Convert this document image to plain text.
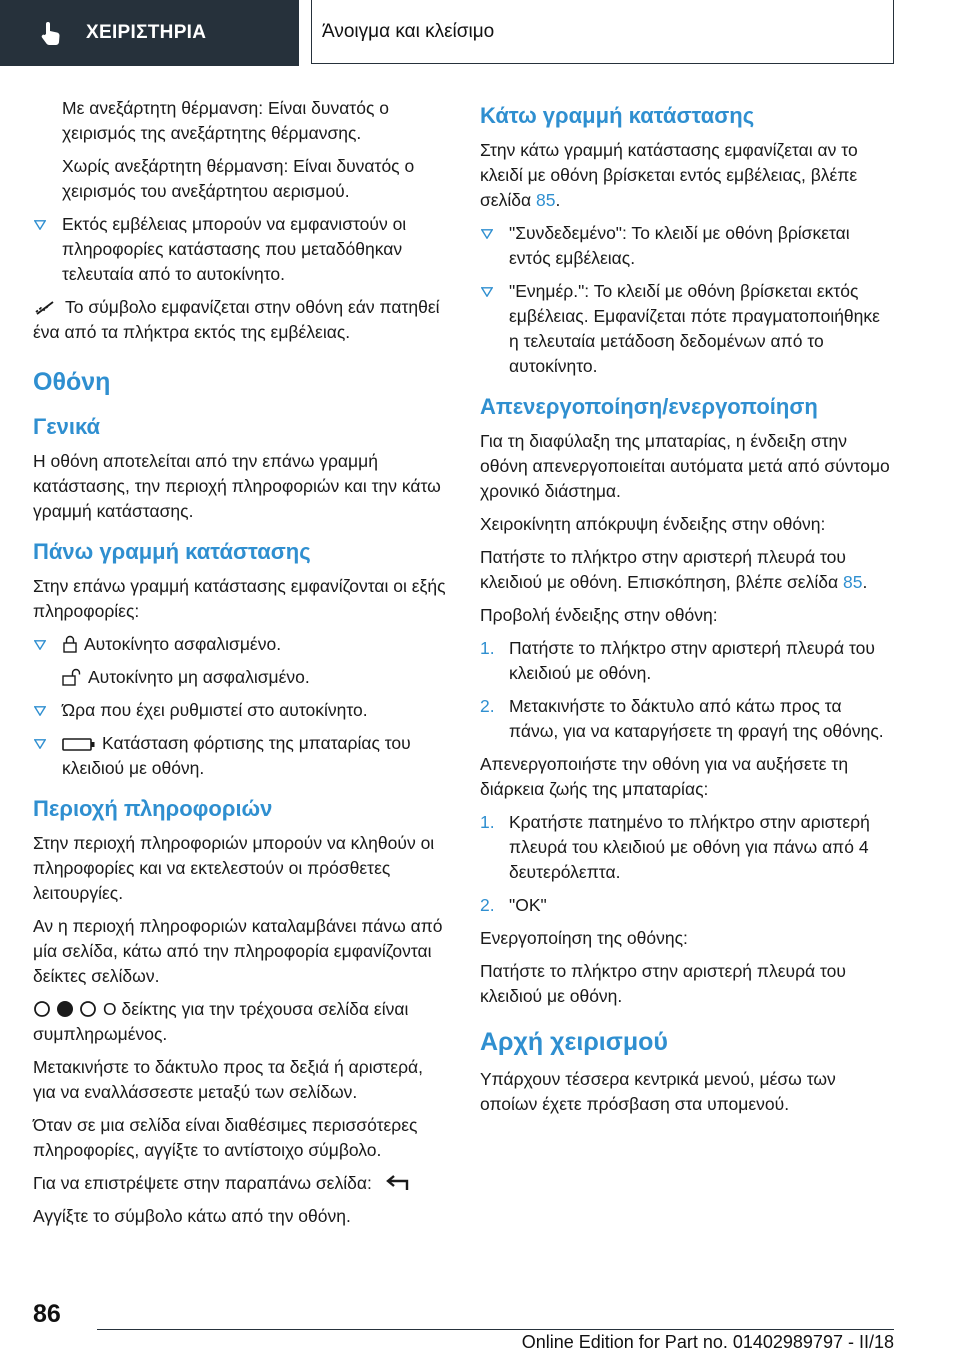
ΧΕΙΡΙΣΤΗΡΙΑ	Άνοιγμα και κλείσιμο

Με ανεξάρτητη θέρμανση: Είναι δυνατός ο χειρισμός της ανεξάρτητης θέρμανσης.

Χωρίς ανεξάρτητη θέρμανση: Είναι δυνατός ο χειρισμός του ανεξάρτητου αερισμού.

Εκτός εμβέλειας μπορούν να εμφανιστούν οι πληροφορίες κατάστασης που μεταδόθηκαν τελευταία από το αυτοκίνητο.

Το σύμβολο εμφανίζεται στην οθόνη εάν πατηθεί ένα από τα πλήκτρα εκτός της εμβέλειας.

Οθόνη
Γενικά

Η οθόνη αποτελείται από την επάνω γραμμή κατάστασης, την περιοχή πληροφοριών και την κάτω γραμμή κατάστασης.

Πάνω γραμμή κατάστασης

Στην επάνω γραμμή κατάστασης εμφανίζονται οι εξής πληροφορίες:

Αυτοκίνητο ασφαλισμένο.

Αυτοκίνητο μη ασφαλισμένο.

Ώρα που έχει ρυθμιστεί στο αυτοκίνητο.
Κατάσταση φόρτισης της μπαταρίας του κλειδιού με οθόνη.
Περιοχή πληροφοριών

Στην περιοχή πληροφοριών μπορούν να κληθούν οι πληροφορίες και να εκτελεστούν οι πρόσθετες λειτουργίες.

Αν η περιοχή πληροφοριών καταλαμβάνει πάνω από μία σελίδα, κάτω από την πληροφορία εμφανίζονται δείκτες σελίδων.

Ο δείκτης για την τρέχουσα σελίδα είναι συμπληρωμένος.

Μετακινήστε το δάκτυλο προς τα δεξιά ή αριστερά, για να εναλλάσσεστε μεταξύ των σελίδων.

Όταν σε μια σελίδα είναι διαθέσιμες περισσότερες πληροφορίες, αγγίξτε το αντίστοιχο σύμβολο.

Για να επιστρέψετε στην παραπάνω σελίδα:

Αγγίξτε το σύμβολο κάτω από την οθόνη.

Κάτω γραμμή κατάστασης

Στην κάτω γραμμή κατάστασης εμφανίζεται αν το κλειδί με οθόνη βρίσκεται εντός εμβέλειας, βλέπε σελίδα 85.

"Συνδεδεμένο": Το κλειδί με οθόνη βρίσκεται εντός εμβέλειας.
"Ενημέρ.": Το κλειδί με οθόνη βρίσκεται εκτός εμβέλειας. Εμφανίζεται πότε πραγματοποιήθηκε η τελευταία μετάδοση δεδομένων από το αυτοκίνητο.
Απενεργοποίηση/ενεργοποίηση

Για τη διαφύλαξη της μπαταρίας, η ένδειξη στην οθόνη απενεργοποιείται αυτόματα μετά από σύντομο χρονικό διάστημα.

Χειροκίνητη απόκρυψη ένδειξης στην οθόνη:

Πατήστε το πλήκτρο στην αριστερή πλευρά του κλειδιού με οθόνη. Επισκόπηση, βλέπε σελίδα 85.

Προβολή ένδειξης στην οθόνη:

1. Πατήστε το πλήκτρο στην αριστερή πλευρά του κλειδιού με οθόνη.
2. Μετακινήστε το δάκτυλο από κάτω προς τα πάνω, για να καταργήσετε τη φραγή της οθόνης.

Απενεργοποιήστε την οθόνη για να αυξήσετε τη διάρκεια ζωής της μπαταρίας:

1. Κρατήστε πατημένο το πλήκτρο στην αριστερή πλευρά του κλειδιού με οθόνη για πάνω από 4 δευτερόλεπτα.
2. "OK"

Ενεργοποίηση της οθόνης:

Πατήστε το πλήκτρο στην αριστερή πλευρά του κλειδιού με οθόνη.

Αρχή χειρισμού

Υπάρχουν τέσσερα κεντρικά μενού, μέσω των οποίων έχετε πρόσβαση στα υπομενού.

86
Online Edition for Part no. 01402989797 - II/18
